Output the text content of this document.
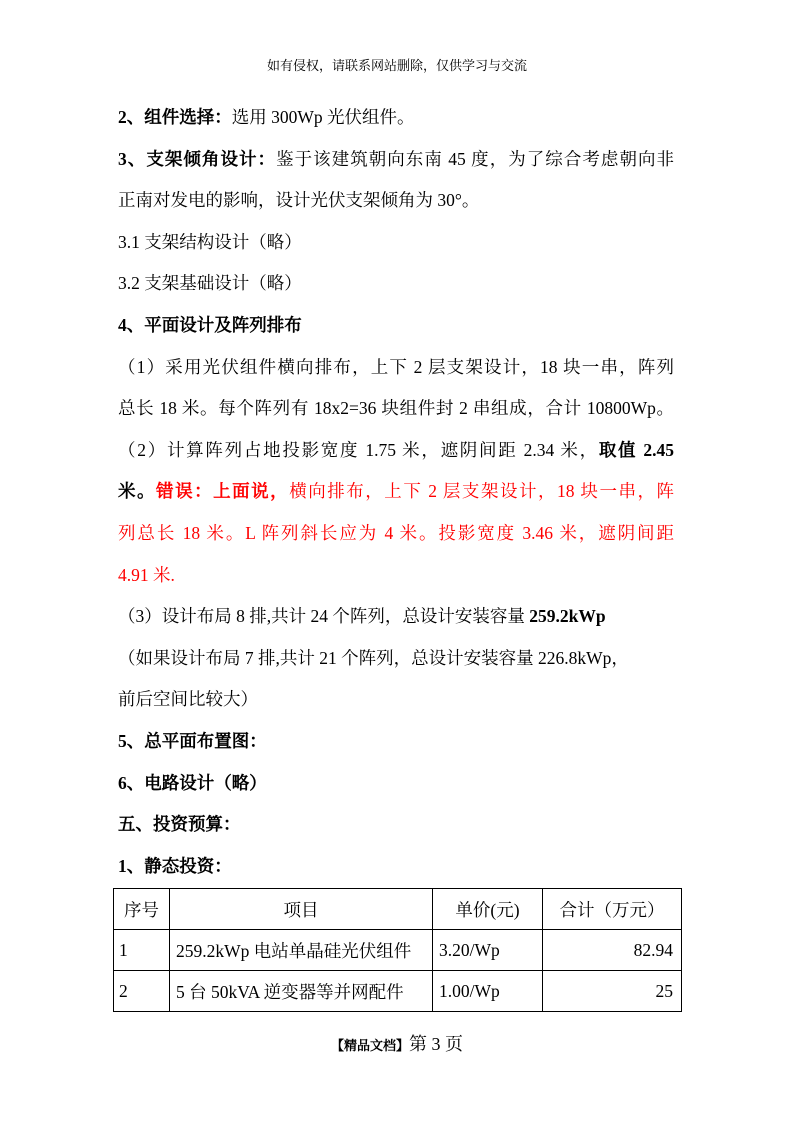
如有侵权，请联系网站删除，仅供学习与交流
2、组件选择：选用 300Wp 光伏组件。
3、支架倾角设计：鉴于该建筑朝向东南 45 度，为了综合考虑朝向非
正南对发电的影响，设计光伏支架倾角为 30°。
3.1 支架结构设计（略）
3.2 支架基础设计（略）
4、平面设计及阵列排布
（1）采用光伏组件横向排布，上下 2 层支架设计，18 块一串，阵列
总长 18 米。每个阵列有 18x2=36 块组件封 2 串组成，合计 10800Wp。
（2）计算阵列占地投影宽度 1.75 米，遮阴间距 2.34 米，取值 2.45
米。错误：上面说，横向排布，上下 2 层支架设计，18 块一串，阵
列总长 18 米。L 阵列斜长应为 4 米。投影宽度 3.46 米，遮阴间距
4.91 米.
（3）设计布局 8 排,共计 24 个阵列，总设计安装容量 259.2kWp
（如果设计布局 7 排,共计 21 个阵列，总设计安装容量 226.8kWp，
前后空间比较大）
5、总平面布置图：
6、电路设计（略）
五、投资预算：
1、静态投资：
序号	项目	单价(元)	合计（万元）
1	259.2kWp 电站单晶硅光伏组件	3.20/Wp	82.94
2	5 台 50kVA 逆变器等并网配件	1.00/Wp	25
【精品文档】第 3 页
